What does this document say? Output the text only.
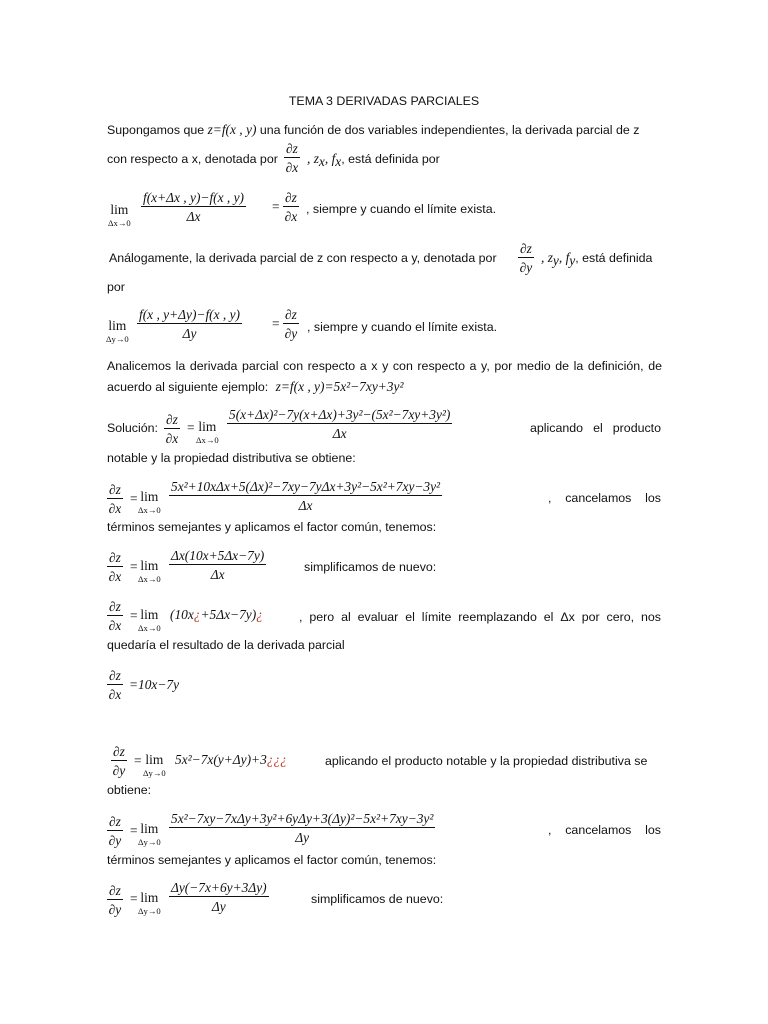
TEMA 3 DERIVADAS PARCIALES
Supongamos que z=f(x , y) una función de dos variables independientes, la derivada parcial de z
con respecto a x, denotada por $\frac{\partial z}{\partial x}$ , $z_x$, $f_x$, está definida por
lim
$\Delta x\to 0 \frac{f(x+\Delta x , y)-f(x , y)}{\Delta x} = \frac{\partial z}{\partial x}$ , siempre y cuando el límite exista.
Análogamente, la derivada parcial de z con respecto a y, denotada por $\frac{\partial z}{\partial y}$ , $z_y$, $f_y$, está definida
por
lim
$\Delta y\to 0 \frac{f(x , y+\Delta y)-f(x , y)}{\Delta y} = \frac{\partial z}{\partial y}$ , siempre y cuando el límite exista.
Analicemos la derivada parcial con respecto a x y con respecto a y, por medio de la definición, de
acuerdo al siguiente ejemplo: z=f(x , y)=5x²−7xy+3y²
Solución: $\frac{\partial z}{\partial x} = \lim$
$\Delta x\to 0 \frac{\text{5(x+Δx)²−7y(x+Δx)+3y²−(5x²−7xy+3y²)}}{\Delta x}$	aplicando el producto
notable y la propiedad distributiva se obtiene:
$\frac{\partial z}{\partial x} = \lim$
Δx→0
5x²+10xΔx+5(Δx)²−7xy−7yΔx+3y²−5x²+7xy−3y²
Δx
, cancelamos los
términos semejantes y aplicamos el factor común, tenemos:
$\frac{\partial z}{\partial x} = \lim$
$\Delta x\to 0 \frac{\Delta x(10x+5\Delta x-7y)}{\Delta x}$	simplificamos de nuevo:
$\frac{\partial z}{\partial x} = \lim$
Δx→0
(10x¿+5Δx−7y)¿	, pero al evaluar el límite reemplazando el Δx por cero, nos
quedaría el resultado de la derivada parcial
$\frac{\partial z}{\partial x} =10x-7y$
$\frac{\partial z}{\partial y} = \lim$
Δy→0
5x²−7x(y+Δy)+3¿¿¿	aplicando el producto notable y la propiedad distributiva se
obtiene:
$\frac{\partial z}{\partial y} = \lim$
Δy→0
5x²−7xy−7xΔy+3y²+6yΔy+3(Δy)²−5x²+7xy−3y²
Δy
, cancelamos los
términos semejantes y aplicamos el factor común, tenemos:
$\frac{\partial z}{\partial y} = \lim$
$\Delta y\to 0 \frac{\Delta y(-7x+6y+3\Delta y)}{\Delta y}$	simplificamos de nuevo:
